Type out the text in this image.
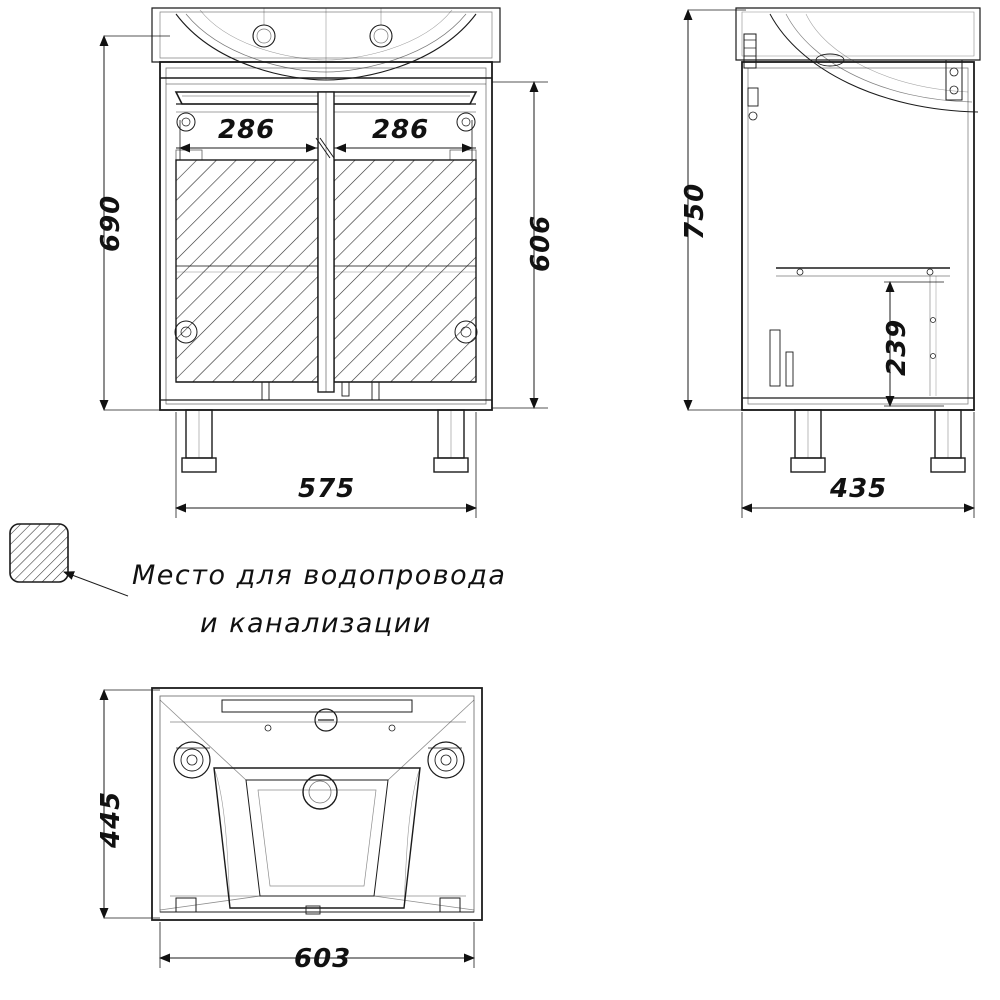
690	606
286	286
575
750
239
435
445
603
Место для водопровода
и канализации
